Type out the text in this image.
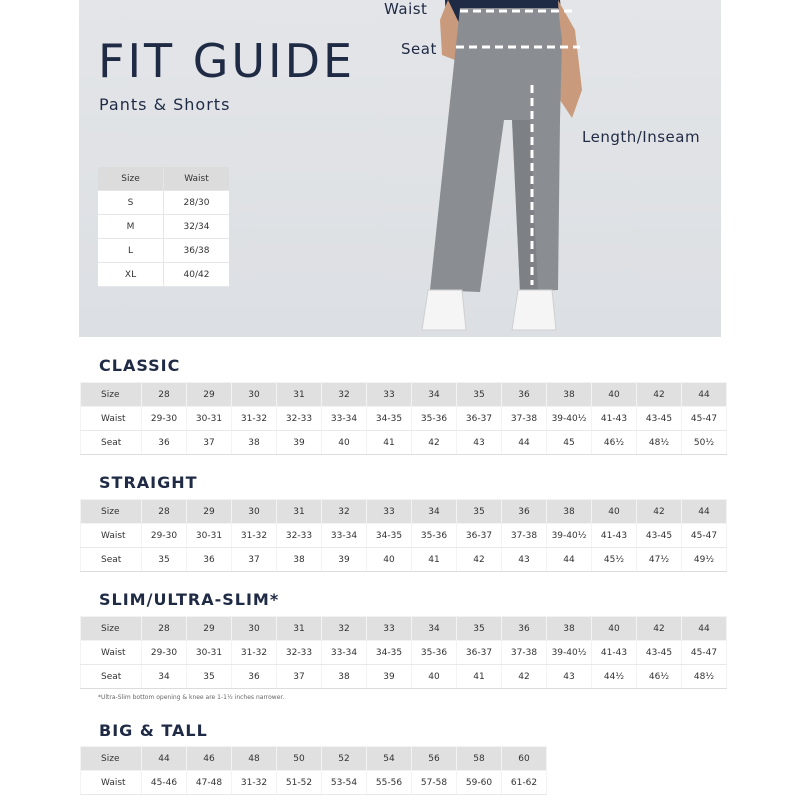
FIT GUIDE
Pants & Shorts
Size	Waist
S	28/30
M	32/34
L	36/38
XL	40/42
Waist
Seat
Length/Inseam
CLASSIC
Size	28	29	30	31	32	33	34	35	36	38	40	42	44
Waist	29-30	30-31	31-32	32-33	33-34	34-35	35-36	36-37	37-38	39-40½	41-43	43-45	45-47
Seat	36	37	38	39	40	41	42	43	44	45	46½	48½	50½
STRAIGHT
Size	28	29	30	31	32	33	34	35	36	38	40	42	44
Waist	29-30	30-31	31-32	32-33	33-34	34-35	35-36	36-37	37-38	39-40½	41-43	43-45	45-47
Seat	35	36	37	38	39	40	41	42	43	44	45½	47½	49½
SLIM/ULTRA-SLIM*
Size	28	29	30	31	32	33	34	35	36	38	40	42	44
Waist	29-30	30-31	31-32	32-33	33-34	34-35	35-36	36-37	37-38	39-40½	41-43	43-45	45-47
Seat	34	35	36	37	38	39	40	41	42	43	44½	46½	48½
*Ultra-Slim bottom opening & knee are 1-1½ inches narrower.
BIG & TALL
Size	44	46	48	50	52	54	56	58	60
Waist	45-46	47-48	31-32	51-52	53-54	55-56	57-58	59-60	61-62
